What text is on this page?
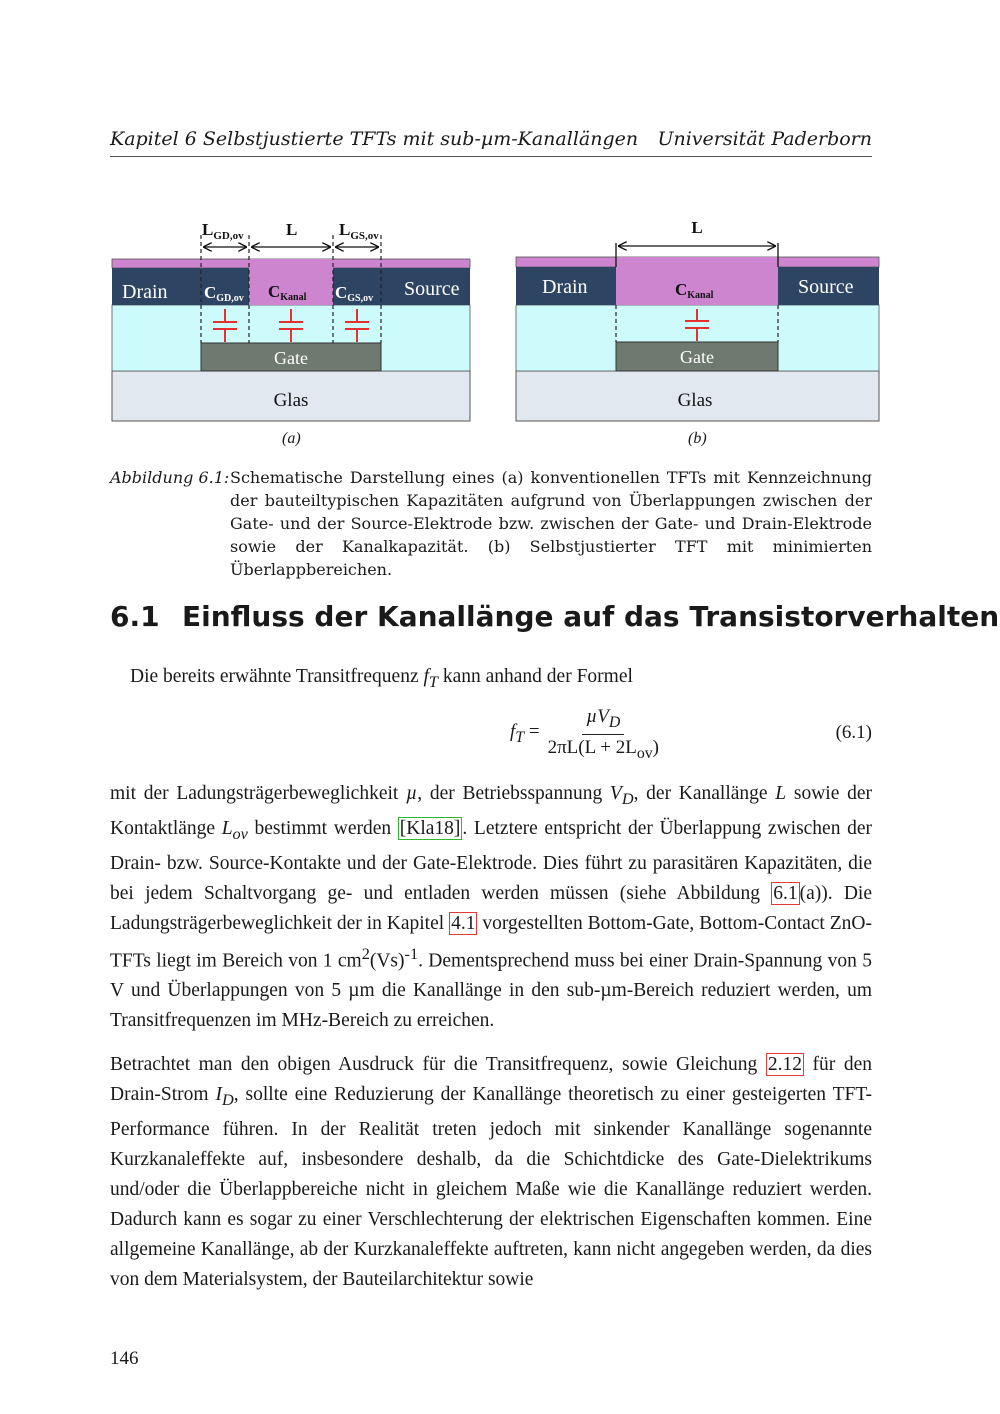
Kapitel 6 Selbstjustierte TFTs mit sub-µm-Kanallängen Universität Paderborn
$L_{GD,ov}$ L $L_{GS,ov}$
Drain	Source
CGD,ov CKanal CGS,ov
Gate
Glas
(a)
L
Drain	Source
CKanal
Gate
Glas
(b)
Abbildung 6.1: Schematische Darstellung eines (a) konventionellen TFTs mit Kennzeichnung der bauteiltypischen Kapazitäten aufgrund von Überlappungen zwischen der Gate- und der Source-Elektrode bzw. zwischen der Gate- und Drain-Elektrode sowie der Kanalkapazität. (b) Selbstjustierter TFT mit minimierten Überlappbereichen.
6.1 Einfluss der Kanallänge auf das Transistorverhalten
Die bereits erwähnte Transitfrequenz $f_T$ kann anhand der Formel
$f_T = \frac{\mu V_D}{2\pi L(L + 2L_{ov})}$	(6.1)
mit der Ladungsträgerbeweglichkeit µ, der Betriebsspannung $V_D$, der Kanallänge L sowie der Kontaktlänge $L_{ov}$ bestimmt werden [Kla18] . Letztere entspricht der Überlappung zwischen der Drain- bzw. Source-Kontakte und der Gate-Elektrode. Dies führt zu parasitären Kapazitäten, die bei jedem Schaltvorgang ge- und entladen werden müssen (siehe Abbildung 6.1 (a)). Die Ladungsträgerbeweglichkeit der in Kapitel 4.1 vorgestellten Bottom-Gate, Bottom-Contact ZnO-TFTs liegt im Bereich von 1 $cm^2(Vs)^{-1}$. Dementsprechend muss bei einer Drain-Spannung von 5 V und Überlappungen von 5 µm die Kanallänge in den sub-µm-Bereich reduziert werden, um Transitfrequenzen im MHz-Bereich zu erreichen.
Betrachtet man den obigen Ausdruck für die Transitfrequenz, sowie Gleichung 2.12 für den Drain-Strom $I_D$, sollte eine Reduzierung der Kanallänge theoretisch zu einer gesteigerten TFT-Performance führen. In der Realität treten jedoch mit sinkender Kanallänge sogenannte Kurzkanaleffekte auf, insbesondere deshalb, da die Schichtdicke des Gate-Dielektrikums und/oder die Überlappbereiche nicht in gleichem Maße wie die Kanallänge reduziert werden. Dadurch kann es sogar zu einer Verschlechterung der elektrischen Eigenschaften kommen. Eine allgemeine Kanallänge, ab der Kurzkanaleffekte auftreten, kann nicht angegeben werden, da dies von dem Materialsystem, der Bauteilarchitektur sowie
146
